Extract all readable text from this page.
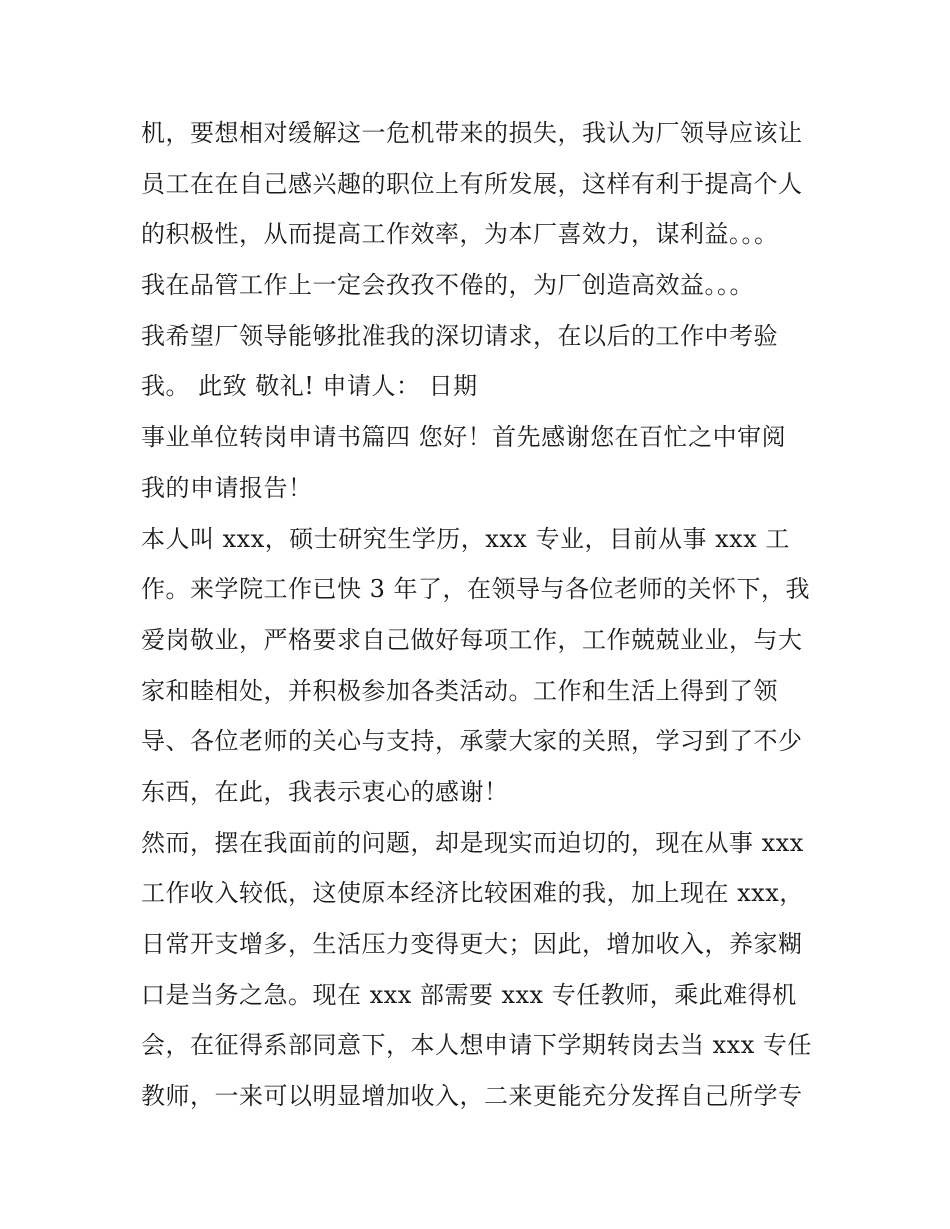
机，要想相对缓解这一危机带来的损失，我认为厂领导应该让
员工在在自己感兴趣的职位上有所发展，这样有利于提高个人
的积极性，从而提高工作效率，为本厂喜效力，谋利益。。。
我在品管工作上一定会孜孜不倦的，为厂创造高效益。。。
我希望厂领导能够批准我的深切请求，在以后的工作中考验
我。 此致 敬礼! 申请人： 日期
事业单位转岗申请书篇四 您好！首先感谢您在百忙之中审阅
我的申请报告！
本人叫 xxx，硕士研究生学历，xxx 专业，目前从事 xxx 工
作。来学院工作已快 3 年了，在领导与各位老师的关怀下，我
爱岗敬业，严格要求自己做好每项工作，工作兢兢业业，与大
家和睦相处，并积极参加各类活动。工作和生活上得到了领
导、各位老师的关心与支持，承蒙大家的关照，学习到了不少
东西，在此，我表示衷心的感谢！
然而，摆在我面前的问题，却是现实而迫切的，现在从事 xxx
工作收入较低，这使原本经济比较困难的我，加上现在 xxx，
日常开支增多，生活压力变得更大；因此，增加收入，养家糊
口是当务之急。现在 xxx 部需要 xxx 专任教师，乘此难得机
会，在征得系部同意下，本人想申请下学期转岗去当 xxx 专任
教师，一来可以明显增加收入，二来更能充分发挥自己所学专
